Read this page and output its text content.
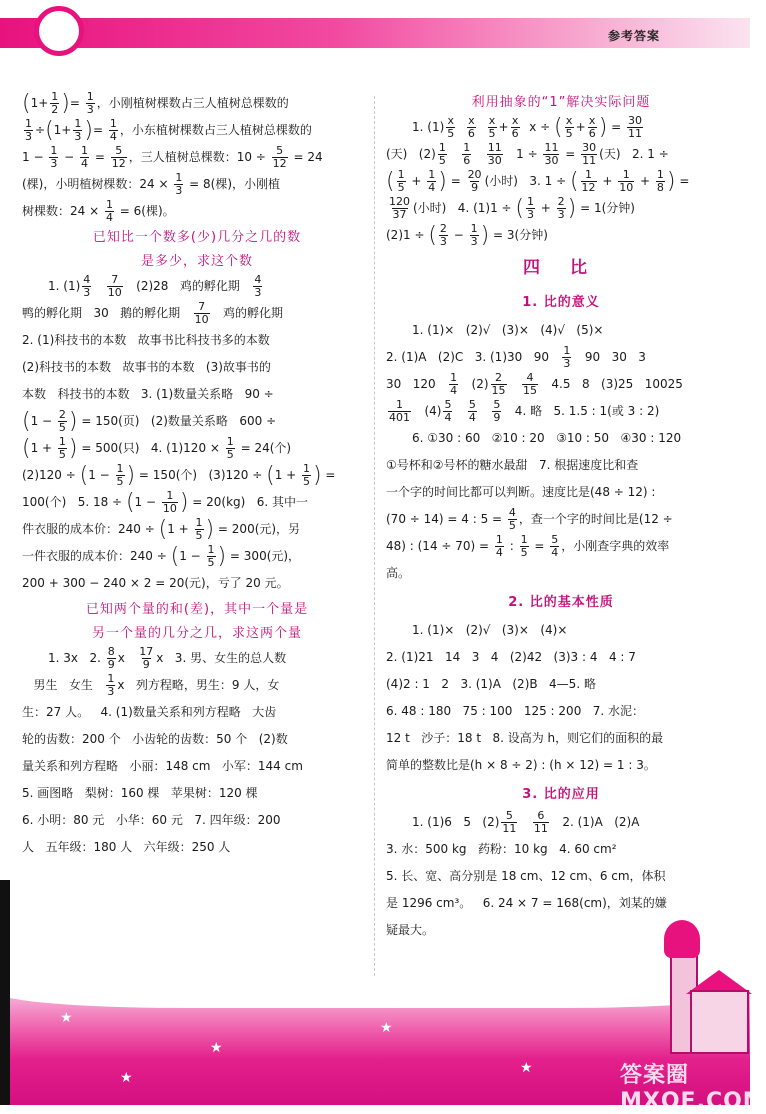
参考答案
( $1+ \frac{1}{2}$ ) = $\frac{1}{3}$ ，小刚植树棵数占三人植树总棵数的
$\frac{1}{3}$ ÷ ( $1+ \frac{1}{3}$ ) = $\frac{1}{4}$ ，小东植树棵数占三人植树总棵数的
$1 - \frac{1}{3} - \frac{1}{4} = \frac{5}{12}$ ，三人植树总棵数：$10 \div \frac{5}{12} = 24$
(棵)，小明植树棵数：$24 \times \frac{1}{3} = 8$(棵)，小刚植
树棵数：$24 \times \frac{1}{4} = 6$(棵)。
已知比一个数多(少)几分之几的数
是多少，求这个数
1. $(1) \frac{4}{3}$
$\frac{7}{10} (2)28$   鸡的孵化期 $\frac{4}{3}$
鸭的孵化期   30   鹅的孵化期 $\frac{7}{10}$ 鸡的孵化期
2. (1)科技书的本数   故事书比科技书多的本数
(2)科技书的本数   故事书的本数   (3)故事书的
本数   科技书的本数   3. (1)数量关系略   90 ÷
( $1 - \frac{2}{5}$ ) = 150(页)   (2)数量关系略   600 ÷
( $1 + \frac{1}{5}$ ) = 500(只)   4. $(1)120 \times \frac{1}{5} = 24$(个)
(2)120 ÷ ( $1 - \frac{1}{5}$ ) = 150(个)   (3)120 ÷ ( $1 + \frac{1}{5}$ ) =
100(个)   5. 18 ÷ ( $1 - \frac{1}{10}$ ) = 20(kg)   6. 其中一
件衣服的成本价：240 ÷ ( $1 + \frac{1}{5}$ ) = 200(元)，另
一件衣服的成本价：240 ÷ ( $1 - \frac{1}{5}$ ) = 300(元)，
200 + 300 − 240 × 2 = 20(元)，亏了 20 元。
已知两个量的和(差)，其中一个量是
另一个量的几分之几，求这两个量
1. 3x   2. $\frac{8}{9}$ x $\frac{17}{9}$ x   3. 男、女生的总人数
男生   女生 $\frac{1}{3}$ x   列方程略，男生：9 人，女
生：27 人。   4. (1)数量关系和列方程略   大齿
轮的齿数：200 个   小齿轮的齿数：50 个   (2)数
量关系和列方程略   小丽：148 cm   小军：144 cm
5. 画图略   梨树：160 棵   苹果树：120 棵
6. 小明：80 元   小华：60 元   7. 四年级：200
人   五年级：180 人   六年级：250 人
利用抽象的“1”解决实际问题
1. $(1) \frac{x}{5}$
$\frac{x}{6}$
$\frac{x}{5} + \frac{x}{6}$ x ÷ ( $\frac{x}{5} + \frac{x}{6}$ ) = $\frac{30}{11}$
(天)   $(2) \frac{1}{5}$
$\frac{1}{6}$
$\frac{11}{30} 1 \div \frac{11}{30} = \frac{30}{11}$ (天)   2. 1 ÷
( $\frac{1}{5} + \frac{1}{4}$ ) = $\frac{20}{9}$ (小时)   3. 1 ÷ ( $\frac{1}{12} + \frac{1}{10} + \frac{1}{8}$ ) =
$\frac{120}{37}$ (小时)   4. (1)1 ÷ ( $\frac{1}{3} + \frac{2}{3}$ ) = 1(分钟)
(2)1 ÷ ( $\frac{2}{3} - \frac{1}{3}$ ) = 3(分钟)
四 比
1. 比的意义
1. (1)×   (2)√   (3)×   (4)√   (5)×
2. (1)A   (2)C   3. (1)30   $90 \frac{1}{3} 90$   30   3
30   $120 \frac{1}{4} (2) \frac{2}{15}$
$\frac{4}{15} 4.5$   8   (3)25   10025
$\frac{1}{401} (4) \frac{5}{4}$
$\frac{5}{4}$
$\frac{5}{9} 4$. 略   5. 1.5 : 1(或 3 : 2)
6. ①30 : 60   ②10 : 20   ③10 : 50   ④30 : 120
①号杯和②号杯的糖水最甜   7. 根据速度比和查
一个字的时间比都可以判断。速度比是(48 ÷ 12) :
(70 ÷ 14) = 4 : $5 = \frac{4}{5}$ ，查一个字的时间比是(12 ÷
48) : $(14 \div 70) = \frac{1}{4}$ : $\frac{1}{5} = \frac{5}{4}$ ，小刚查字典的效率
高。
2. 比的基本性质
1. (1)×   (2)√   (3)×   (4)×
2. (1)21   14   3   4   (2)42   (3)3 : 4   4 : 7
(4)2 : 1   2   3. (1)A   (2)B   4—5. 略
6. 48 : 180   75 : 100   125 : 200   7. 水泥：
12 t   沙子：18 t   8. 设高为 h，则它们的面积的最
简单的整数比是(h × 8 ÷ 2) : (h × 12) = 1 : 3。
3. 比的应用
1. (1)6   5   $(2) \frac{5}{11}$
$\frac{6}{11} 2$. (1)A   (2)A
3. 水：500 kg   药粉：10 kg   4. 60 cm²
5. 长、宽、高分别是 18 cm、12 cm、6 cm，体积
是 1296 cm³。   6. 24 × 7 = 168(cm)，刘某的嫌
疑最大。
★
★
★
★
★	答案圈 MXQE.COM
